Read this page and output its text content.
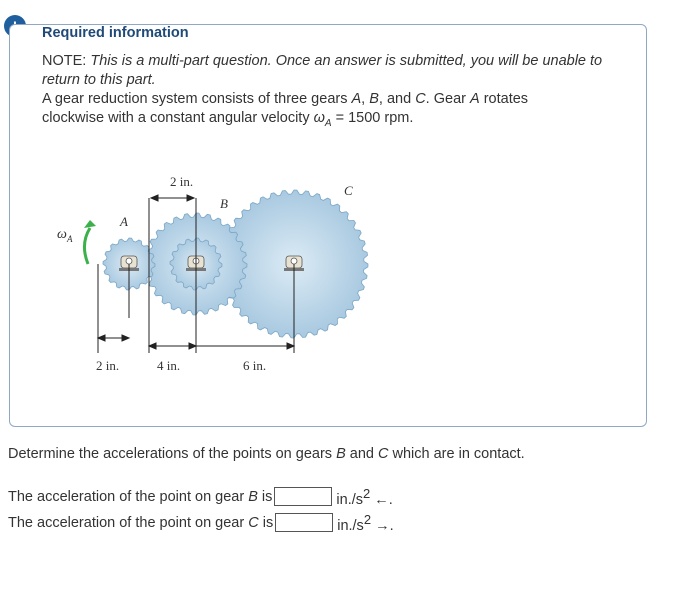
Required information
NOTE: This is a multi-part question. Once an answer is submitted, you will be unable to return to this part.
A gear reduction system consists of three gears A, B, and C. Gear A rotates
clockwise with a constant angular velocity $\omega_A = 1500$ rpm.
ω A
A
B
C
2 in.
2 in.	4 in.	6 in.
Determine the accelerations of the points on gears B and C which are in contact.
The acceleration of the point on gear
B
is	$in./s^2$ ←.
The acceleration of the point on gear
C
is	$in./s^2$ →.
